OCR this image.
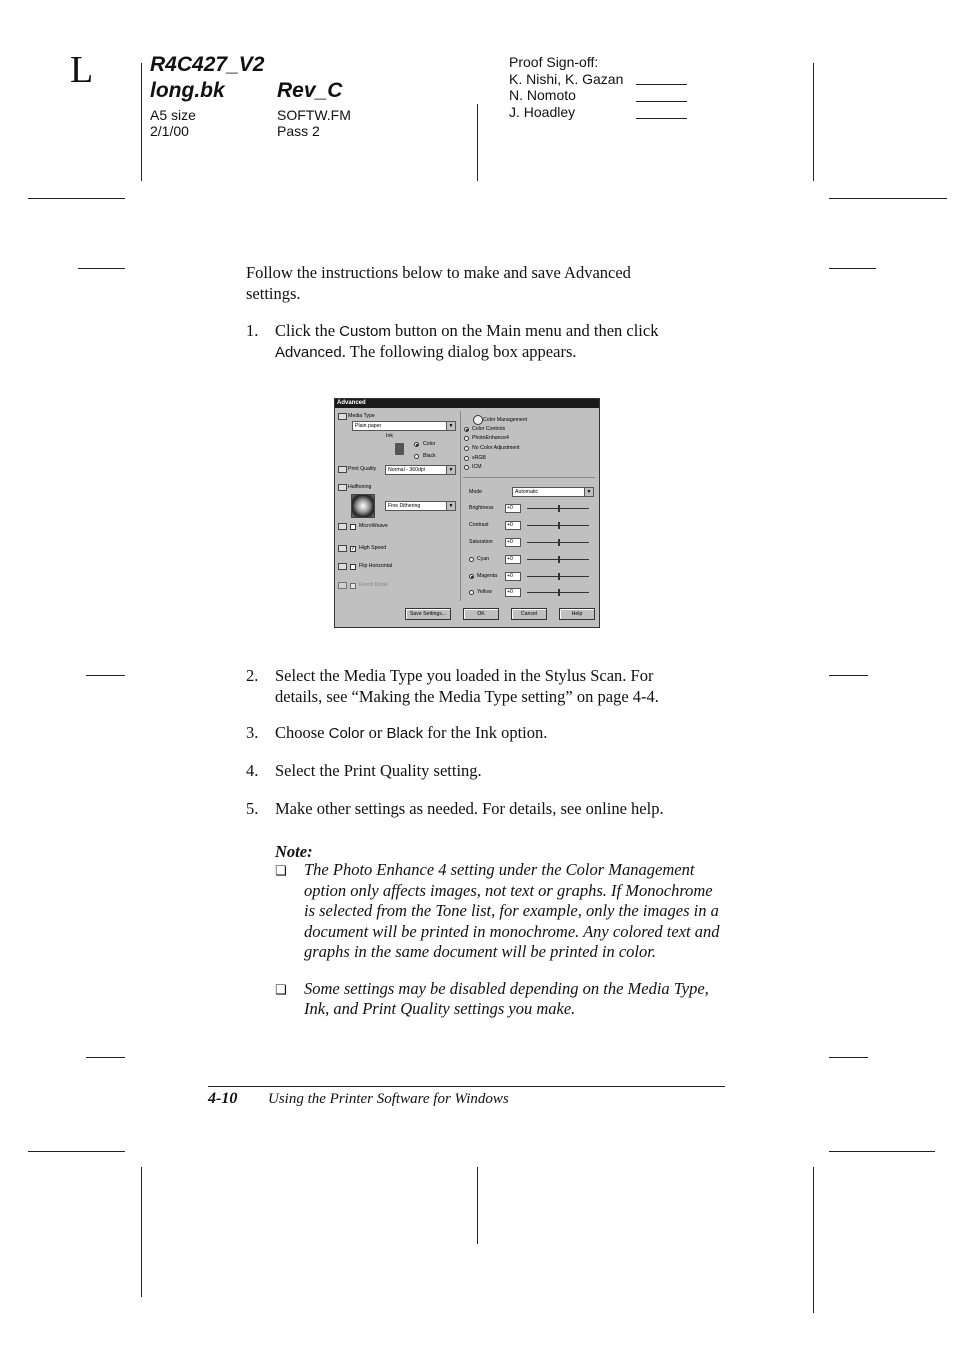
L	R4C427_V2
long.bk Rev_C
A5 size	SOFTW.FM
2/1/00	Pass 2
Proof Sign-off:
K. Nishi, K. Gazan
N. Nomoto
J. Hoadley
Follow the instructions below to make and save Advanced
settings.
1. Click the Custom button on the Main menu and then click
Advanced. The following dialog box appears.
Advanced
Media Type
Plain paper	▼
Ink
Color
Black
Print Quality	Normal - 360dpi	▼
Halftoning
Fine Dithering	▼
MicroWeave
✓ High Speed
Flip Horizontal
Finest Detail
Color Management
Color Controls
PhotoEnhance4
No Color Adjustment
sRGB
ICM
Mode	Automatic	▼
Brightness	+0
Contrast	+0
Saturation	+0
Cyan	+0
Magenta	+0
Yellow	+0
Save Settings...	OK	Cancel	Help
2. Select the Media Type you loaded in the Stylus Scan. For
details, see “Making the Media Type setting” on page 4-4.
3. Choose Color or Black for the Ink option.
4. Select the Print Quality setting.
5. Make other settings as needed. For details, see online help.
Note:
❑ The Photo Enhance 4 setting under the Color Management
option only affects images, not text or graphs. If Monochrome
is selected from the Tone list, for example, only the images in a
document will be printed in monochrome. Any colored text and
graphs in the same document will be printed in color.
❑ Some settings may be disabled depending on the Media Type,
Ink, and Print Quality settings you make.
4-10 Using the Printer Software for Windows
